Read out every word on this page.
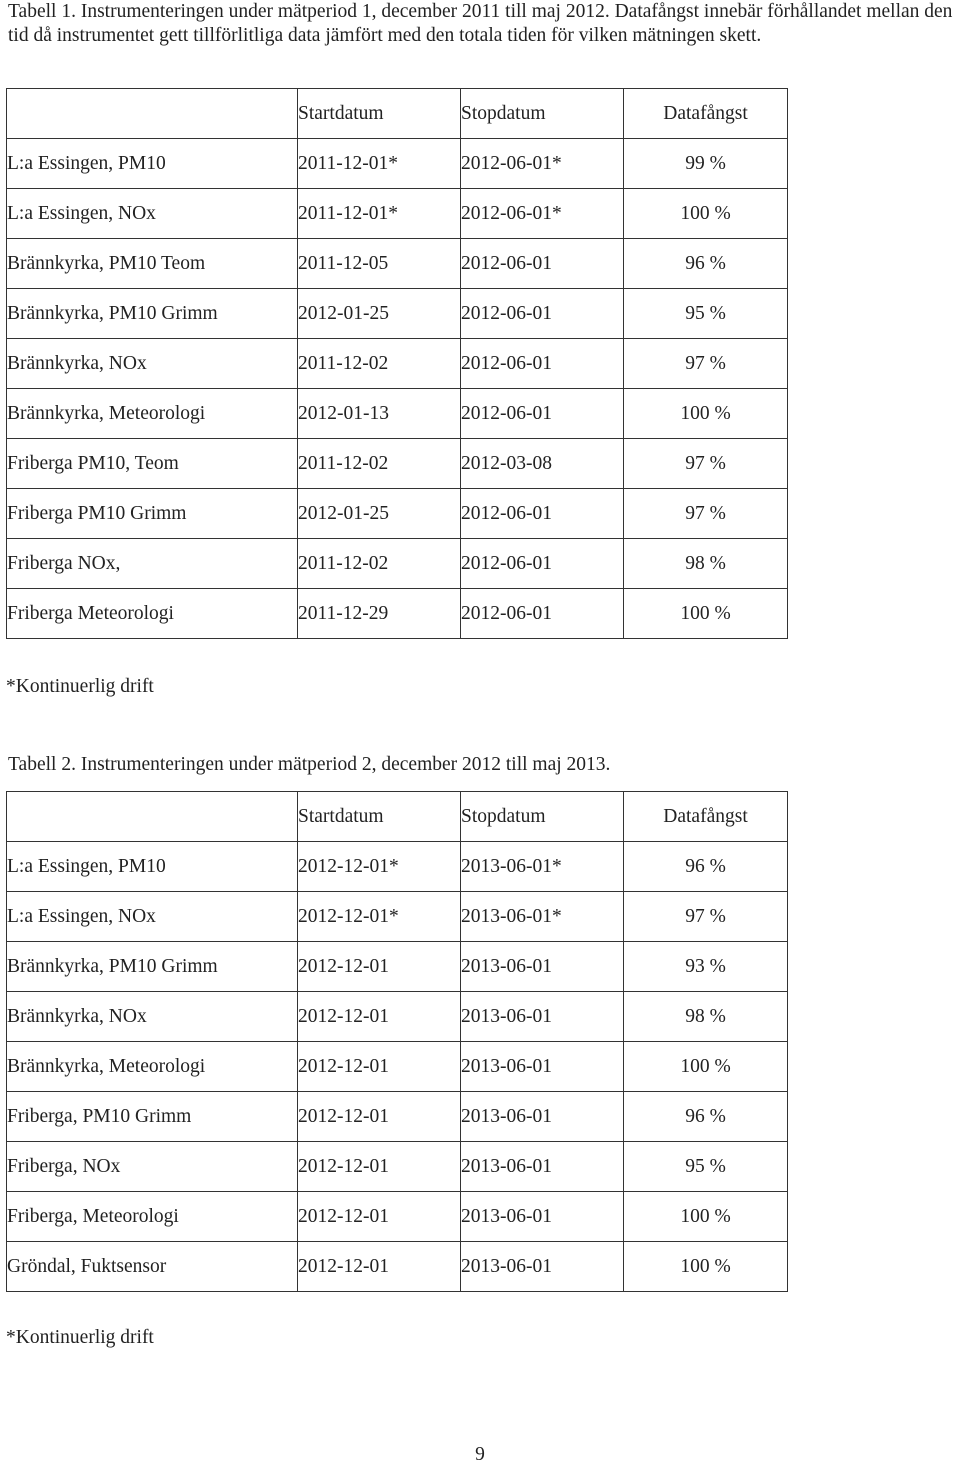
Tabell 1. Instrumenteringen under mätperiod 1, december 2011 till maj 2012. Datafångst innebär förhållandet mellan den tid då instrumentet gett tillförlitliga data jämfört med den totala tiden för vilken mätningen skett.

	Startdatum	Stopdatum	Datafångst
L:a Essingen, PM10	2011-12-01*	2012-06-01*	99 %
L:a Essingen, NOx	2011-12-01*	2012-06-01*	100 %
Brännkyrka, PM10 Teom	2011-12-05	2012-06-01	96 %
Brännkyrka, PM10 Grimm	2012-01-25	2012-06-01	95 %
Brännkyrka, NOx	2011-12-02	2012-06-01	97 %
Brännkyrka, Meteorologi	2012-01-13	2012-06-01	100 %
Friberga PM10, Teom	2011-12-02	2012-03-08	97 %
Friberga PM10 Grimm	2012-01-25	2012-06-01	97 %
Friberga NOx,	2011-12-02	2012-06-01	98 %
Friberga Meteorologi	2011-12-29	2012-06-01	100 %

*Kontinuerlig drift

Tabell 2. Instrumenteringen under mätperiod 2, december 2012 till maj 2013.

	Startdatum	Stopdatum	Datafångst
L:a Essingen, PM10	2012-12-01*	2013-06-01*	96 %
L:a Essingen, NOx	2012-12-01*	2013-06-01*	97 %
Brännkyrka, PM10 Grimm	2012-12-01	2013-06-01	93 %
Brännkyrka, NOx	2012-12-01	2013-06-01	98 %
Brännkyrka, Meteorologi	2012-12-01	2013-06-01	100 %
Friberga, PM10 Grimm	2012-12-01	2013-06-01	96 %
Friberga, NOx	2012-12-01	2013-06-01	95 %
Friberga, Meteorologi	2012-12-01	2013-06-01	100 %
Gröndal, Fuktsensor	2012-12-01	2013-06-01	100 %

*Kontinuerlig drift

9
